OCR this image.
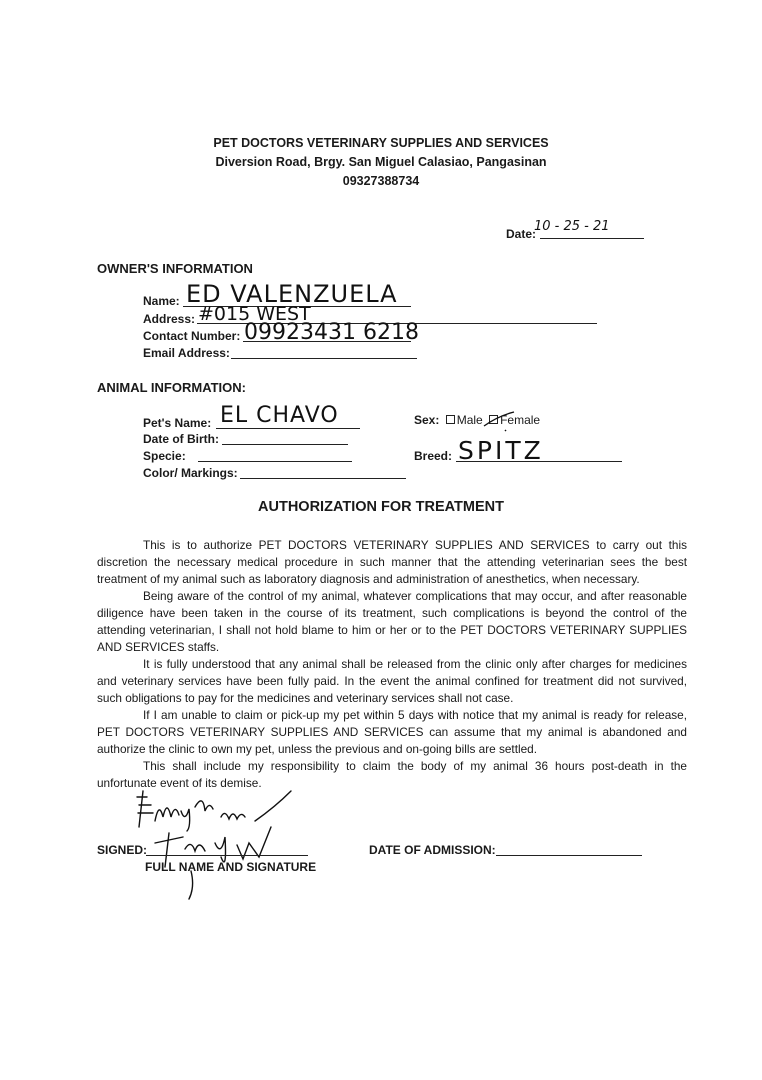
PET DOCTORS VETERINARY SUPPLIES AND SERVICES
Diversion Road, Brgy. San Miguel Calasiao, Pangasinan
09327388734
Date:
10 - 25 - 21
OWNER'S INFORMATION
Name: ED VALENZUELA
Address: #015 WEST
Contact Number: 09923431 6218
Email Address:
ANIMAL INFORMATION:
Pet's Name: EL CHAVO
Date of Birth:
Specie:
Color/ Markings:
Sex: Male Female
Breed: SPITZ
AUTHORIZATION FOR TREATMENT

This is to authorize PET DOCTORS VETERINARY SUPPLIES AND SERVICES to carry out this discretion the necessary medical procedure in such manner that the attending veterinarian sees the best treatment of my animal such as laboratory diagnosis and administration of anesthetics, when necessary.

Being aware of the control of my animal, whatever complications that may occur, and after reasonable diligence have been taken in the course of its treatment, such complications is beyond the control of the attending veterinarian, I shall not hold blame to him or her or to the PET DOCTORS VETERINARY SUPPLIES AND SERVICES staffs.

It is fully understood that any animal shall be released from the clinic only after charges for medicines and veterinary services have been fully paid. In the event the animal confined for treatment did not survived, such obligations to pay for the medicines and veterinary services shall not case.

If I am unable to claim or pick-up my pet within 5 days with notice that my animal is ready for release, PET DOCTORS VETERINARY SUPPLIES AND SERVICES can assume that my animal is abandoned and authorize the clinic to own my pet, unless the previous and on-going bills are settled.

This shall include my responsibility to claim the body of my animal 36 hours post-death in the unfortunate event of its demise.

SIGNED:
FULL NAME AND SIGNATURE
DATE OF ADMISSION:
